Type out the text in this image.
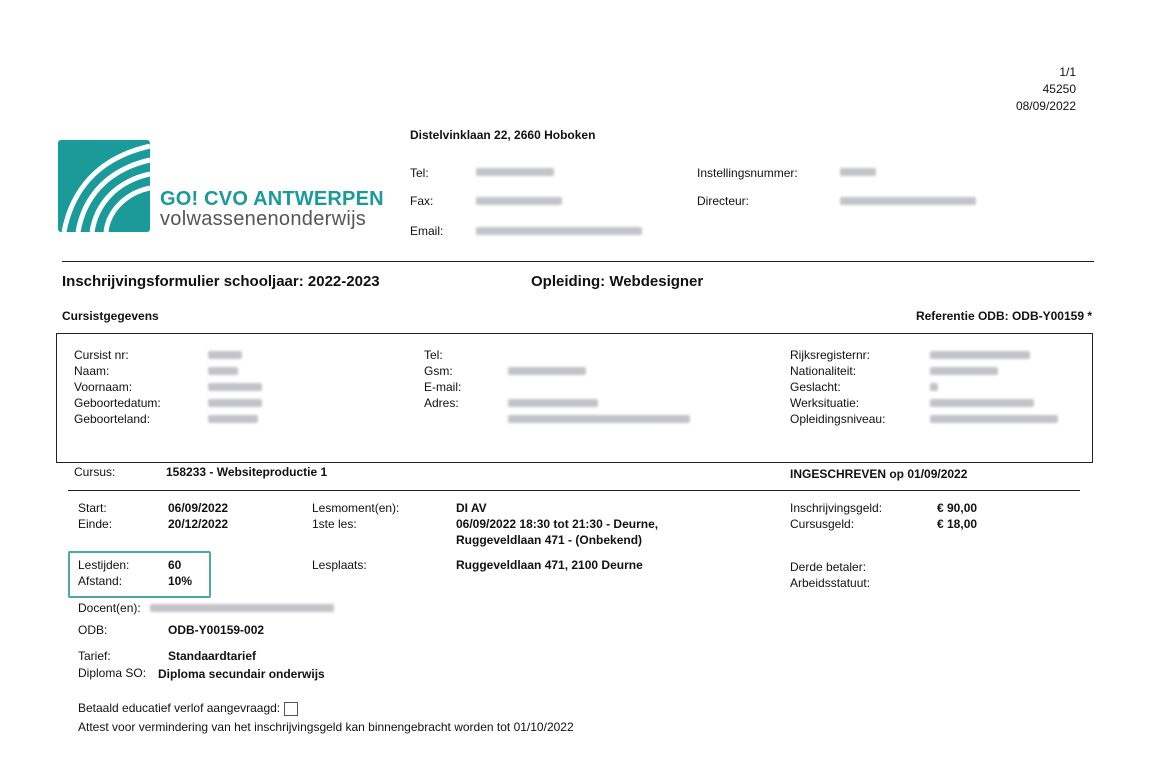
1/1
45250
08/09/2022
GO! CVO ANTWERPEN
volwassenenonderwijs
Distelvinklaan 22, 2660 Hoboken
Tel:
Fax:
Email:
Instellingsnummer:
Directeur:
Inschrijvingsformulier schooljaar: 2022-2023	Opleiding: Webdesigner
Cursistgegevens	Referentie ODB: ODB-Y00159 *
Cursist nr:
Naam:
Voornaam:
Geboortedatum:
Geboorteland:
Tel:
Gsm:
E-mail:
Adres:
Rijksregisternr:
Nationaliteit:
Geslacht:
Werksituatie:
Opleidingsniveau:
Cursus:	158233 - Websiteproductie 1	INGESCHREVEN op 01/09/2022
Start:	06/09/2022
Einde:	20/12/2022
Lesmoment(en):	DI AV
1ste les:	06/09/2022 18:30 tot 21:30 - Deurne,
Ruggeveldlaan 471 - (Onbekend)
Inschrijvingsgeld:	€ 90,00
Cursusgeld:	€ 18,00
Lestijden:	60
Afstand:	10%
Lesplaats:	Ruggeveldlaan 471, 2100 Deurne	Derde betaler:
Arbeidsstatuut:
Docent(en):
ODB:	ODB-Y00159-002
Tarief:	Standaardtarief
Diploma SO: Diploma secundair onderwijs
Betaald educatief verlof aangevraagd:
Attest voor vermindering van het inschrijvingsgeld kan binnengebracht worden tot 01/10/2022
